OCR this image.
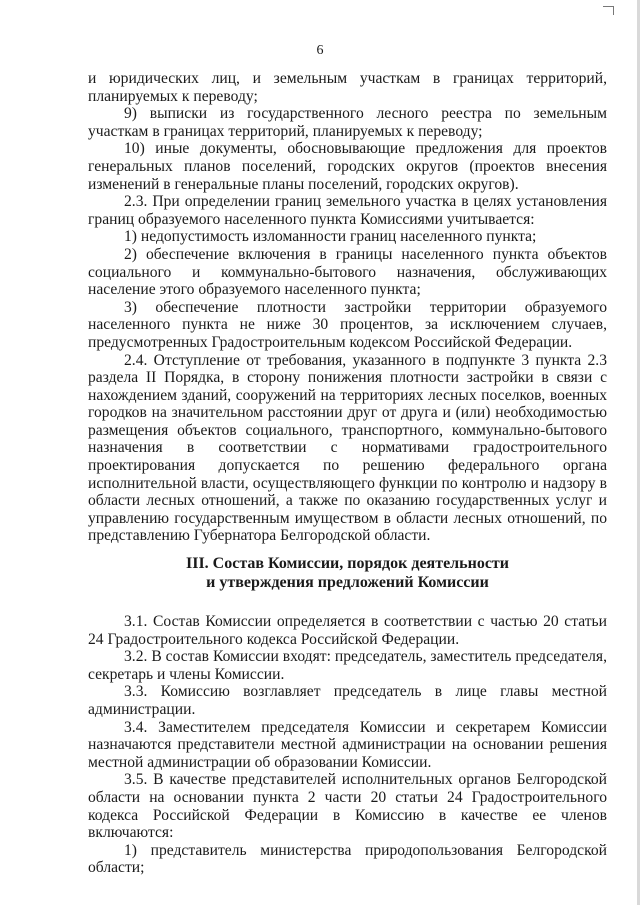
6

и юридических лиц, и земельным участкам в границах территорий, планируемых к переводу;

9) выписки из государственного лесного реестра по земельным участкам в границах территорий, планируемых к переводу;

10) иные документы, обосновывающие предложения для проектов генеральных планов поселений, городских округов (проектов внесения изменений в генеральные планы поселений, городских округов).

2.3. При определении границ земельного участка в целях установления границ образуемого населенного пункта Комиссиями учитывается:

1) недопустимость изломанности границ населенного пункта;

2) обеспечение включения в границы населенного пункта объектов социального и коммунально-бытового назначения, обслуживающих население этого образуемого населенного пункта;

3) обеспечение плотности застройки территории образуемого населенного пункта не ниже 30 процентов, за исключением случаев, предусмотренных Градостроительным кодексом Российской Федерации.

2.4. Отступление от требования, указанного в подпункте 3 пункта 2.3 раздела II Порядка, в сторону понижения плотности застройки в связи с нахождением зданий, сооружений на территориях лесных поселков, военных городков на значительном расстоянии друг от друга и (или) необходимостью размещения объектов социального, транспортного, коммунально-бытового назначения в соответствии с нормативами градостроительного проектирования допускается по решению федерального органа исполнительной власти, осуществляющего функции по контролю и надзору в области лесных отношений, а также по оказанию государственных услуг и управлению государственным имуществом в области лесных отношений, по представлению Губернатора Белгородской области.

III. Состав Комиссии, порядок деятельности
и утверждения предложений Комиссии

3.1. Состав Комиссии определяется в соответствии с частью 20 статьи 24 Градостроительного кодекса Российской Федерации.

3.2. В состав Комиссии входят: председатель, заместитель председателя, секретарь и члены Комиссии.

3.3. Комиссию возглавляет председатель в лице главы местной администрации.

3.4. Заместителем председателя Комиссии и секретарем Комиссии назначаются представители местной администрации на основании решения местной администрации об образовании Комиссии.

3.5. В качестве представителей исполнительных органов Белгородской области на основании пункта 2 части 20 статьи 24 Градостроительного кодекса Российской Федерации в Комиссию в качестве ее членов включаются:

1) представитель министерства природопользования Белгородской области;
